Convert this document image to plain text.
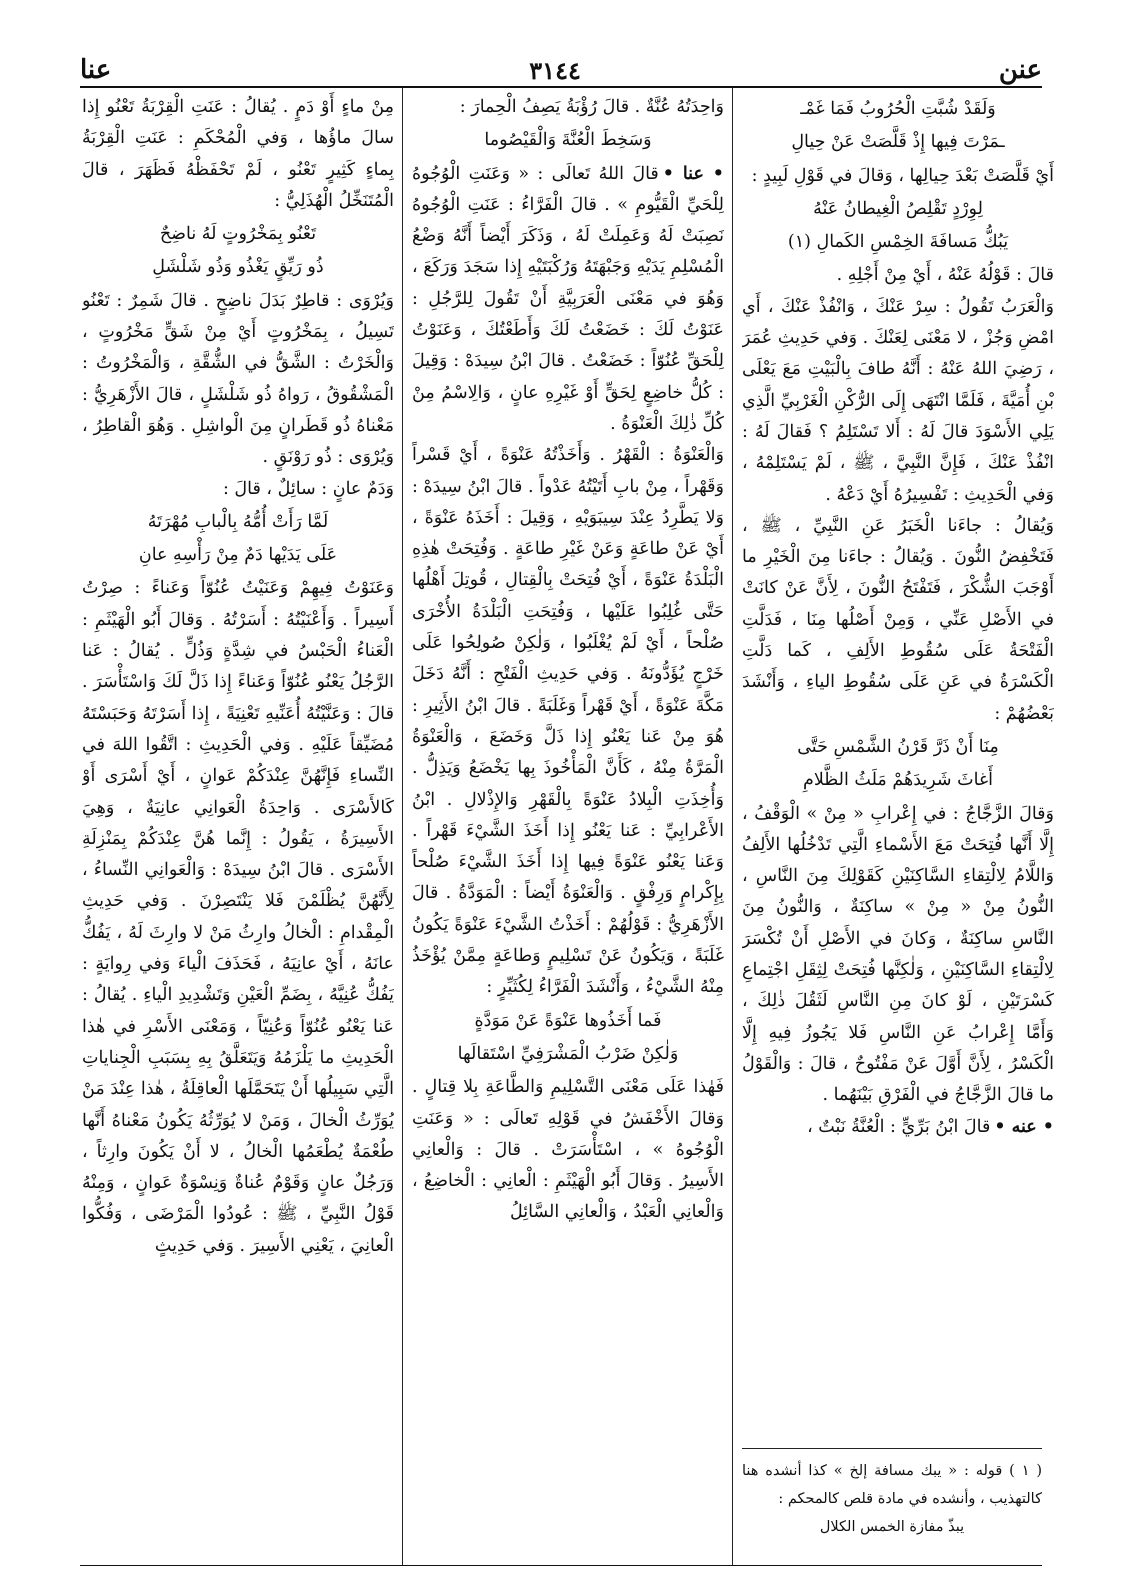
عنن
٣١٤٤
عنا

وَلَقَدْ شُبَّتِ الْحُرُوبُ فَمَا غَمْـ

ـمَرْتَ فِيها إِذْ قَلَّصَتْ عَنْ حِيالِ

أَيْ قَلَّصَتْ بَعْدَ حِيالِها ، وَقالَ في قَوْلِ لَبِيدٍ :

لِوِرْدٍ تَقْلِصُ الْغِيطانُ عَنْهُ

يَبُكُّ مَسافَةَ الخِمْسِ الكَمالِ (١)

قالَ : قَوْلُهُ عَنْهُ ، أَيْ مِنْ أَجْلِهِ .

وَالْعَرَبُ تَقُولُ : سِرْ عَنْكَ ، وَانْفُذْ عَنْكَ ، أَي امْضِ وَجُزْ ، لا مَعْنَى لِعَنْكَ . وَفي حَدِيثِ عُمَرَ ، رَضِيَ اللهُ عَنْهُ : أَنَّهُ طافَ بِالْبَيْتِ مَعَ يَعْلَى بْنِ أُمَيَّةَ ، فَلَمَّا انْتَهَى إِلَى الرُّكْنِ الْغَرْبِيِّ الَّذِي يَلِي الأَسْوَدَ قالَ لَهُ : أَلا تَسْتَلِمُ ؟ فَقالَ لَهُ : انْفُذْ عَنْكَ ، فَإِنَّ النَّبِيَّ ، ﷺ ، لَمْ يَسْتَلِمْهُ ، وَفي الْحَدِيثِ : تَفْسِيرُهُ أَيْ دَعْهُ .

وَيُقالُ : جاءَنا الْخَبَرُ عَنِ النَّبِيِّ ، ﷺ ، فَتَخْفِضُ النُّونَ . وَيُقالُ : جاءَنا مِنَ الْخَيْرِ ما أَوْجَبَ الشُّكْرَ ، فَتَفْتَحُ النُّونَ ، لِأَنَّ عَنْ كانَتْ في الأَصْلِ عَنِّي ، وَمِنْ أَصْلُها مِنَا ، فَدَلَّتِ الْفَتْحَةُ عَلَى سُقُوطِ الأَلِفِ ، كَما دَلَّتِ الْكَسْرَةُ في عَنِ عَلَى سُقُوطِ الياءِ ، وَأَنْشَدَ بَعْضُهُمْ :

مِنَا أَنْ ذَرَّ قَرْنُ الشَّمْسِ حَتَّى

أَغاثَ شَرِيدَهُمْ مَلَثُ الظَّلامِ

وَقالَ الزَّجَّاجُ : في إِعْرابِ « مِنْ » الْوَقْفُ ، إِلَّا أَنَّها فُتِحَتْ مَعَ الأَسْماءِ الَّتِي تَدْخُلُها الأَلِفُ وَاللَّامُ لِالْتِقاءِ السَّاكِنَيْنِ كَقَوْلِكَ مِنَ النَّاسِ ، النُّونُ مِنْ « مِنْ » ساكِنَةٌ ، وَالنُّونُ مِنَ النَّاسِ ساكِنَةٌ ، وَكانَ في الأَصْلِ أَنْ تُكْسَرَ لِالْتِقاءِ السَّاكِنَيْنِ ، وَلٰكِنَّها فُتِحَتْ لِثِقَلِ اجْتِماعِ كَسْرَتَيْنِ ، لَوْ كانَ مِنِ النَّاسِ لَثَقُلَ ذٰلِكَ ، وَأَمَّا إِعْرابُ عَنِ النَّاسِ فَلا يَجُوزُ فِيهِ إِلَّا الْكَسْرُ ، لِأَنَّ أَوَّلَ عَنْ مَفْتُوحٌ ، قالَ : وَالْقَوْلُ ما قالَ الزَّجَّاجُ في الْفَرْقِ بَيْنَهُما .

• عنه •قالَ ابْنُ بَرِّيٍّ : الْعُنَّةُ نَبْتٌ ،

وَاحِدَتُهُ عُنَّةٌ . قالَ رُؤْبَةُ يَصِفُ الْحِمارَ :

وَسَخِطَ الْعُنَّةَ وَالْقَيْصُوما

• عنا •قالَ اللهُ تَعالَى : « وَعَنَتِ الْوُجُوهُ لِلْحَيِّ الْقَيُّومِ » . قالَ الْفَرَّاءُ : عَنَتِ الْوُجُوهُ نَصِبَتْ لَهُ وَعَمِلَتْ لَهُ ، وَذَكَرَ أَيْضاً أَنَّهُ وَضْعُ الْمُسْلِمِ يَدَيْهِ وَجَبْهَتَهُ وَرُكْبَتَيْهِ إِذا سَجَدَ وَرَكَعَ ، وَهُوَ في مَعْنَى الْعَرَبِيَّةِ أَنْ تَقُولَ لِلرَّجُلِ : عَنَوْتُ لَكَ : خَضَعْتُ لَكَ وَأَطَعْتُكَ ، وَعَنَوْتُ لِلْحَقِّ عُنُوّاً : خَضَعْتُ . قالَ ابْنُ سِيدَهْ : وَقِيلَ : كُلُّ خاضِعٍ لِحَقٍّ أَوْ غَيْرِهِ عانٍ ، وَالِاسْمُ مِنْ كُلِّ ذٰلِكَ الْعَنْوَةُ .

وَالْعَنْوَةُ : الْقَهْرُ . وَأَخَذْتُهُ عَنْوَةً ، أَيْ قَسْراً وَقَهْراً ، مِنْ بابِ أَتَيْتُهُ عَدْواً . قالَ ابْنُ سِيدَهْ : وَلا يَطَّرِدُ عِنْدَ سِيبَوَيْهِ ، وَقِيلَ : أَخَذَهُ عَنْوَةً ، أَيْ عَنْ طاعَةٍ وَعَنْ غَيْرِ طاعَةٍ . وَفُتِحَتْ هٰذِهِ الْبَلْدَةُ عَنْوَةً ، أَيْ فُتِحَتْ بِالْقِتالِ ، قُوتِلَ أَهْلُها حَتَّى غُلِبُوا عَلَيْها ، وَفُتِحَتِ الْبَلْدَةُ الأُخْرَى صُلْحاً ، أَيْ لَمْ يُغْلَبُوا ، وَلٰكِنْ صُولِحُوا عَلَى خَرْجٍ يُؤَدُّونَهُ . وَفي حَدِيثِ الْفَتْحِ : أَنَّهُ دَخَلَ مَكَّةَ عَنْوَةً ، أَيْ قَهْراً وَغَلَبَةً . قالَ ابْنُ الأَثِيرِ : هُوَ مِنْ عَنا يَعْنُو إِذا ذَلَّ وَخَضَعَ ، وَالْعَنْوَةُ الْمَرَّةُ مِنْهُ ، كَأَنَّ الْمَأْخُوذَ بِها يَخْضَعُ وَيَذِلُّ . وَأُخِذَتِ الْبِلادُ عَنْوَةً بِالْقَهْرِ وَالإِذْلالِ . ابْنُ الأَعْرابِيِّ : عَنا يَعْنُو إِذا أَخَذَ الشَّيْءَ قَهْراً . وَعَنا يَعْنُو عَنْوَةً فِيها إِذا أَخَذَ الشَّيْءَ صُلْحاً بِإِكْرامٍ وَرِفْقٍ . وَالْعَنْوَةُ أَيْضاً : الْمَوَدَّةُ . قالَ الأَزْهَرِيُّ : قَوْلُهُمْ : أَخَذْتُ الشَّيْءَ عَنْوَةً يَكُونُ غَلَبَةً ، وَيَكُونُ عَنْ تَسْلِيمٍ وَطاعَةٍ مِمَّنْ يُؤْخَذُ مِنْهُ الشَّيْءُ ، وَأَنْشَدَ الْفَرَّاءُ لِكُثَيِّرٍ :

فَما أَخَذُوها عَنْوَةً عَنْ مَوَدَّةٍ

وَلٰكِنْ ضَرْبُ الْمَشْرَفِيِّ اسْتَقالَها

فَهٰذا عَلَى مَعْنَى التَّسْلِيمِ وَالطَّاعَةِ بِلا قِتالٍ . وَقالَ الأَخْفَشُ في قَوْلِهِ تَعالَى : « وَعَنَتِ الْوُجُوهُ » ، اسْتَأْسَرَتْ . قالَ : وَالْعانِي الأَسِيرُ . وَقالَ أَبُو الْهَيْثَمِ : الْعانِي : الْخاضِعُ ، وَالْعانِي الْعَبْدُ ، وَالْعانِي السَّائِلُ

مِنْ ماءٍ أَوْ دَمٍ . يُقالُ : عَنَتِ الْقِرْبَةُ تَعْنُو إِذا سالَ ماؤُها ، وَفي الْمُحْكَمِ : عَنَتِ الْقِرْبَةُ بِماءٍ كَثِيرٍ تَعْنُو ، لَمْ تَحْفَظْهُ فَظَهَرَ ، قالَ الْمُتَنَخِّلُ الْهُذَلِيُّ :

تَعْنُو بِمَخْرُوتٍ لَهُ ناضِحٌ

ذُو رَيِّقٍ يَغْذُو وَذُو شَلْشَلِ

وَيُرْوَى : قاطِرٌ بَدَلَ ناضِحٍ . قالَ شَمِرٌ : تَعْنُو تَسِيلُ ، بِمَخْرُوتٍ أَيْ مِنْ شَقٍّ مَخْرُوتٍ ، وَالْخَرْتُ : الشَّقُّ في الشُّقَّةِ ، وَالْمَخْرُوتُ : الْمَشْقُوقُ ، رَواهُ ذُو شَلْشَلٍ ، قالَ الأَزْهَرِيُّ : مَعْناهُ ذُو قَطَرانٍ مِنَ الْواشِلِ . وَهُوَ الْقاطِرُ ، وَيُرْوَى : ذُو رَوْنَقٍ .

وَدَمٌ عانٍ : سائِلٌ ، قالَ :

لَمَّا رَأَتْ أُمُّهُ بِالْبابِ مُهْرَتَهُ

عَلَى يَدَيْها دَمٌ مِنْ رَأْسِهِ عانِ

وَعَنَوْتُ فِيهِمْ وَعَنَيْتُ عُنُوّاً وَعَناءً : صِرْتُ أَسِيراً . وَأَعْنَيْتُهُ : أَسَرْتُهُ . وَقالَ أَبُو الْهَيْثَمِ : الْعَناءُ الْحَبْسُ في شِدَّةٍ وَذُلٍّ . يُقالُ : عَنا الرَّجُلُ يَعْنُو عُنُوّاً وَعَناءً إِذا ذَلَّ لَكَ وَاسْتَأْسَرَ . قالَ : وَعَنَّيْتُهُ أُعَنِّيهِ تَعْنِيَةً ، إِذا أَسَرْتَهُ وَحَبَسْتَهُ مُضَيِّقاً عَلَيْهِ . وَفي الْحَدِيثِ : اتَّقُوا اللهَ في النِّساءِ فَإِنَّهُنَّ عِنْدَكُمْ عَوانٍ ، أَيْ أَسْرَى أَوْ كَالأَسْرَى . وَاحِدَةُ الْعَوانِي عانِيَةٌ ، وَهِيَ الأَسِيرَةُ ، يَقُولُ : إِنَّما هُنَّ عِنْدَكُمْ بِمَنْزِلَةِ الأَسْرَى . قالَ ابْنُ سِيدَهْ : وَالْعَوانِي النِّساءُ ، لِأَنَّهُنَّ يُظْلَمْنَ فَلا يَنْتَصِرْنَ . وَفي حَدِيثِ الْمِقْدامِ : الْخالُ وارِثُ مَنْ لا وارِثَ لَهُ ، يَفُكُّ عانَهُ ، أَيْ عانِيَهُ ، فَحَذَفَ الْياءَ وَفي رِوايَةٍ : يَفُكُّ عُنِيَّهُ ، بِضَمِّ الْعَيْنِ وَتَشْدِيدِ الْياءِ . يُقالُ : عَنا يَعْنُو عُنُوّاً وَعُنِيّاً ، وَمَعْنَى الأَسْرِ في هٰذا الْحَدِيثِ ما يَلْزَمُهُ وَيَتَعَلَّقُ بِهِ بِسَبَبِ الْجِناياتِ الَّتِي سَبِيلُها أَنْ يَتَحَمَّلَها الْعاقِلَةُ ، هٰذا عِنْدَ مَنْ يُوَرِّثُ الْخالَ ، وَمَنْ لا يُوَرِّثُهُ يَكُونُ مَعْناهُ أَنَّها طُعْمَةٌ يُطْعَمُها الْخالُ ، لا أَنْ يَكُونَ وارِثاً ، وَرَجُلٌ عانٍ وَقَوْمٌ عُناةٌ وَنِسْوَةٌ عَوانٍ ، وَمِنْهُ قَوْلُ النَّبِيِّ ، ﷺ : عُودُوا الْمَرْضَى ، وَفُكُّوا الْعانِيَ ، يَعْنِي الأَسِيرَ . وَفي حَدِيثٍ

( ١ ) قوله : « يبك مسافة إلخ » كذا أنشده هنا كالتهذيب ، وأنشده في مادة قلص كالمحكم :

يبذّ مفازة الخمس الكلال
